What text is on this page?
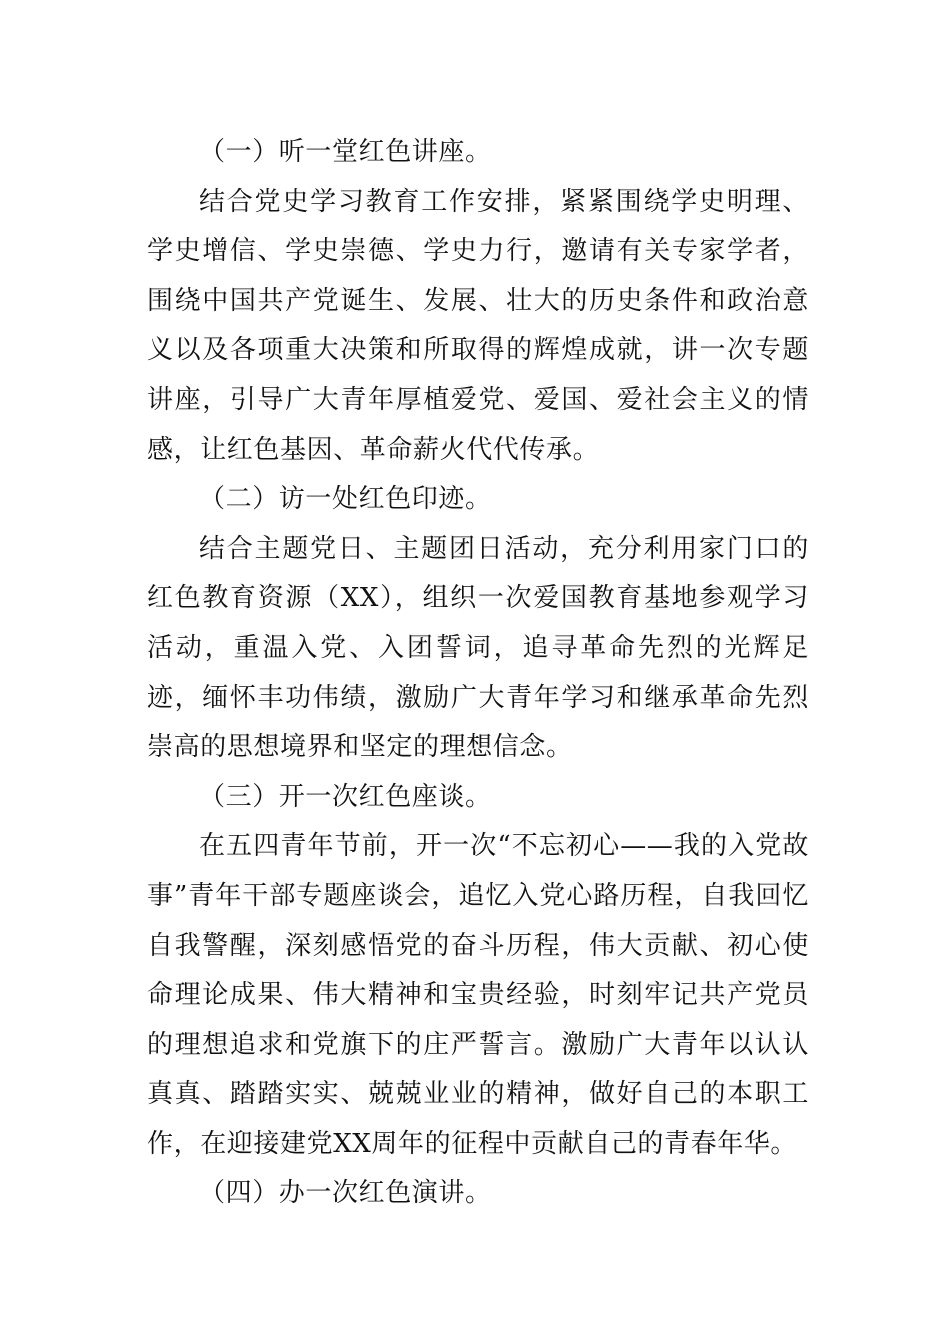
（一）听一堂红色讲座。

结合党史学习教育工作安排，紧紧围绕学史明理、学史增信、学史崇德、学史力行，邀请有关专家学者，围绕中国共产党诞生、发展、壮大的历史条件和政治意义以及各项重大决策和所取得的辉煌成就，讲一次专题讲座，引导广大青年厚植爱党、爱国、爱社会主义的情感，让红色基因、革命薪火代代传承。

（二）访一处红色印迹。

结合主题党日、主题团日活动，充分利用家门口的红色教育资源（XX），组织一次爱国教育基地参观学习活动，重温入党、入团誓词，追寻革命先烈的光辉足迹，缅怀丰功伟绩，激励广大青年学习和继承革命先烈崇高的思想境界和坚定的理想信念。

（三）开一次红色座谈。

在五四青年节前，开一次“不忘初心——我的入党故事”青年干部专题座谈会，追忆入党心路历程，自我回忆自我警醒，深刻感悟党的奋斗历程，伟大贡献、初心使命理论成果、伟大精神和宝贵经验，时刻牢记共产党员的理想追求和党旗下的庄严誓言。激励广大青年以认认真真、踏踏实实、兢兢业业的精神，做好自己的本职工作，在迎接建党XX周年的征程中贡献自己的青春年华。

（四）办一次红色演讲。
